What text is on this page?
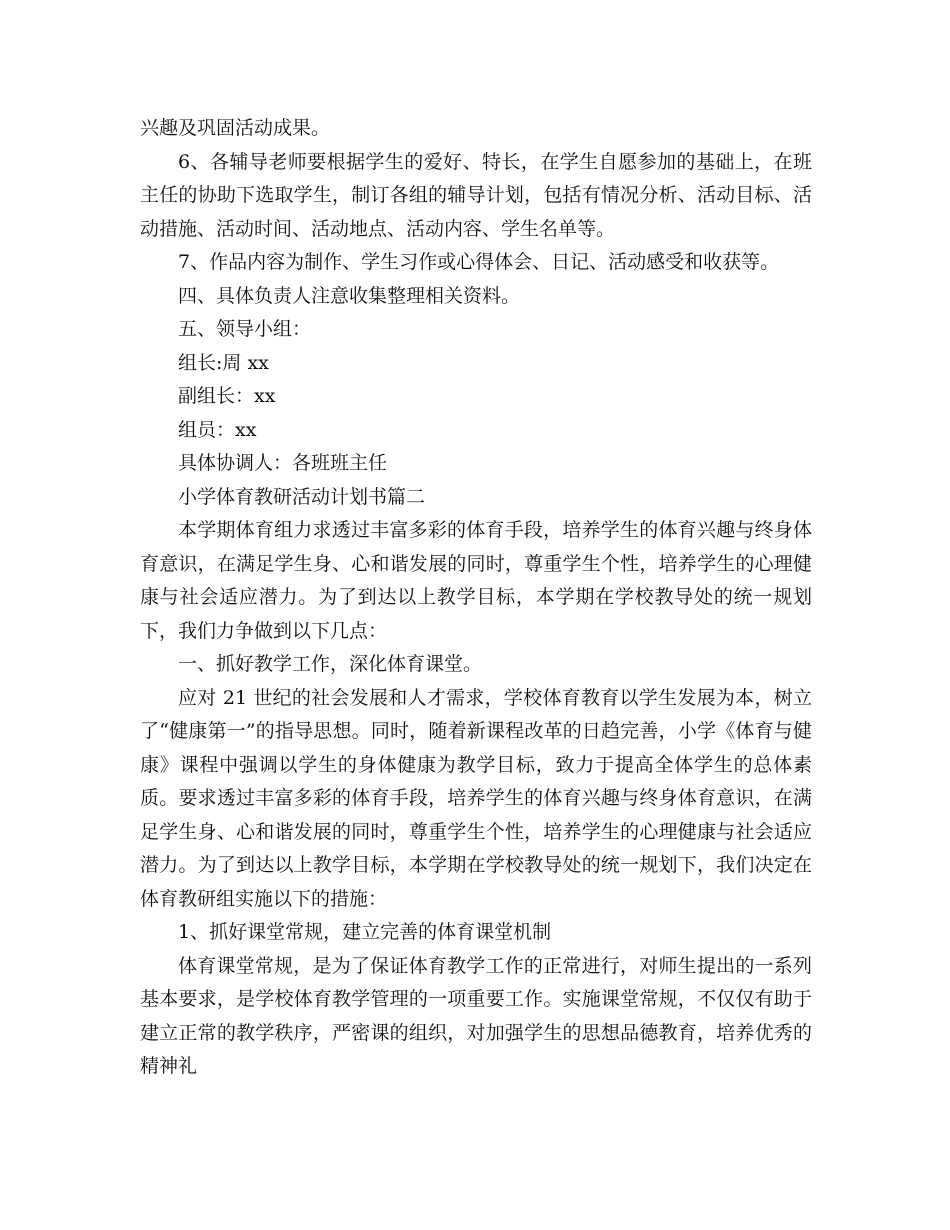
兴趣及巩固活动成果。

6、各辅导老师要根据学生的爱好、特长，在学生自愿参加的基础上，在班主任的协助下选取学生，制订各组的辅导计划，包括有情况分析、活动目标、活动措施、活动时间、活动地点、活动内容、学生名单等。

7、作品内容为制作、学生习作或心得体会、日记、活动感受和收获等。

四、具体负责人注意收集整理相关资料。

五、领导小组：

组长:周 xx

副组长：xx

组员：xx

具体协调人：各班班主任

小学体育教研活动计划书篇二

本学期体育组力求透过丰富多彩的体育手段，培养学生的体育兴趣与终身体育意识，在满足学生身、心和谐发展的同时，尊重学生个性，培养学生的心理健康与社会适应潜力。为了到达以上教学目标，本学期在学校教导处的统一规划下，我们力争做到以下几点：

一、抓好教学工作，深化体育课堂。

应对 21 世纪的社会发展和人才需求，学校体育教育以学生发展为本，树立了“健康第一”的指导思想。同时，随着新课程改革的日趋完善，小学《体育与健康》课程中强调以学生的身体健康为教学目标，致力于提高全体学生的总体素质。要求透过丰富多彩的体育手段，培养学生的体育兴趣与终身体育意识，在满足学生身、心和谐发展的同时，尊重学生个性，培养学生的心理健康与社会适应潜力。为了到达以上教学目标，本学期在学校教导处的统一规划下，我们决定在体育教研组实施以下的措施：

1、抓好课堂常规，建立完善的体育课堂机制

体育课堂常规，是为了保证体育教学工作的正常进行，对师生提出的一系列基本要求，是学校体育教学管理的一项重要工作。实施课堂常规，不仅仅有助于建立正常的教学秩序，严密课的组织，对加强学生的思想品德教育，培养优秀的精神礼
